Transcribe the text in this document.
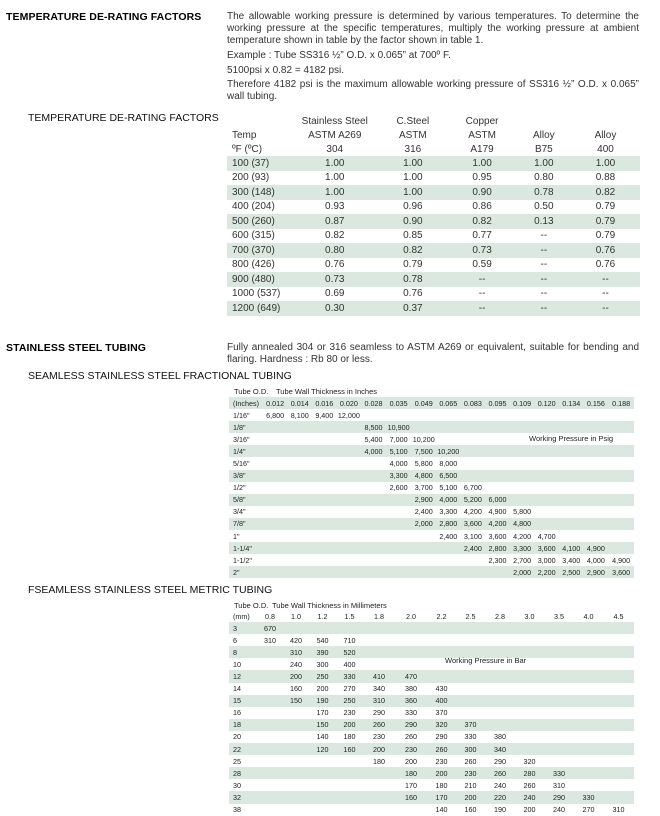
TEMPERATURE DE-RATING FACTORS	The allowable working pressure is determined by various temperatures. To determine the working pressure at the specific temperatures, multiply the working pressure at ambient temperature shown in table by the factor shown in table 1.
Example : Tube SS316 ½” O.D. x 0.065” at 700º F.
5100psi x 0.82 = 4182 psi.
Therefore 4182 psi is the maximum allowable working pressure of SS316 ½” O.D. x 0.065” wall tubing.
TEMPERATURE DE-RATING FACTORS
		Stainless Steel	C.Steel	Copper		
Temp	ASTM A269	ASTM	ASTM	Alloy	Alloy
ºF (ºC)	304	316	A179	B75	400
100 (37)	1.00	1.00	1.00	1.00	1.00
200 (93)	1.00	1.00	0.95	0.80	0.88
300 (148)	1.00	1.00	0.90	0.78	0.82
400 (204)	0.93	0.96	0.86	0.50	0.79
500 (260)	0.87	0.90	0.82	0.13	0.79
600 (315)	0.82	0.85	0.77	--	0.79
700 (370)	0.80	0.82	0.73	--	0.76
800 (426)	0.76	0.79	0.59	--	0.76
900 (480)	0.73	0.78	--	--	--
1000 (537)	0.69	0.76	--	--	--
1200 (649)	0.30	0.37	--	--	--
STAINLESS STEEL TUBING	Fully annealed 304 or 316 seamless to ASTM A269 or equivalent, suitable for bending and flaring. Hardness : Rb 80 or less.
SEAMLESS STAINLESS STEEL FRACTIONAL TUBING
Tube O.D. Tube Wall Thickness in Inches
(Inches)	0.012	0.014	0.016	0.020	0.028	0.035	0.049	0.065	0.083	0.095	0.109	0.120	0.134	0.156	0.188
1/16"	6,800	8,100	9,400	12,000											
1/8"					8,500	10,900									
3/16"					5,400	7,000	10,200								
1/4"					4,000	5,100	7,500	10,200							
5/16"						4,000	5,800	8,000							
3/8"						3,300	4,800	6,500							
1/2"						2,600	3,700	5,100	6,700						
5/8"							2,900	4,000	5,200	6,000					
3/4"							2,400	3,300	4,200	4,900	5,800				
7/8"							2,000	2,800	3,600	4,200	4,800				
1"								2,400	3,100	3,600	4,200	4,700			
1-1/4"									2,400	2,800	3,300	3,600	4,100	4,900	
1-1/2"										2,300	2,700	3,000	3,400	4,000	4,900
2"											2,000	2,200	2,500	2,900	3,600
Working Pressure in Psig
FSEAMLESS STAINLESS STEEL METRIC TUBING
Tube O.D. Tube Wall Thickness in Millimeters
(mm)	0.8	1.0	1.2	1.5	1.8	2.0	2.2	2.5	2.8	3.0	3.5	4.0	4.5
3	670												
6	310	420	540	710									
8		310	390	520									
10		240	300	400									
12		200	250	330	410	470							
14		160	200	270	340	380	430						
15		150	190	250	310	360	400						
16			170	230	290	330	370						
18			150	200	260	290	320	370					
20			140	180	230	260	290	330	380				
22			120	160	200	230	260	300	340				
25					180	200	230	260	290	320			
28						180	200	230	260	280	330		
30						170	180	210	240	260	310		
32						160	170	200	220	240	290	330	
38							140	160	190	200	240	270	310
Working Pressure in Bar
